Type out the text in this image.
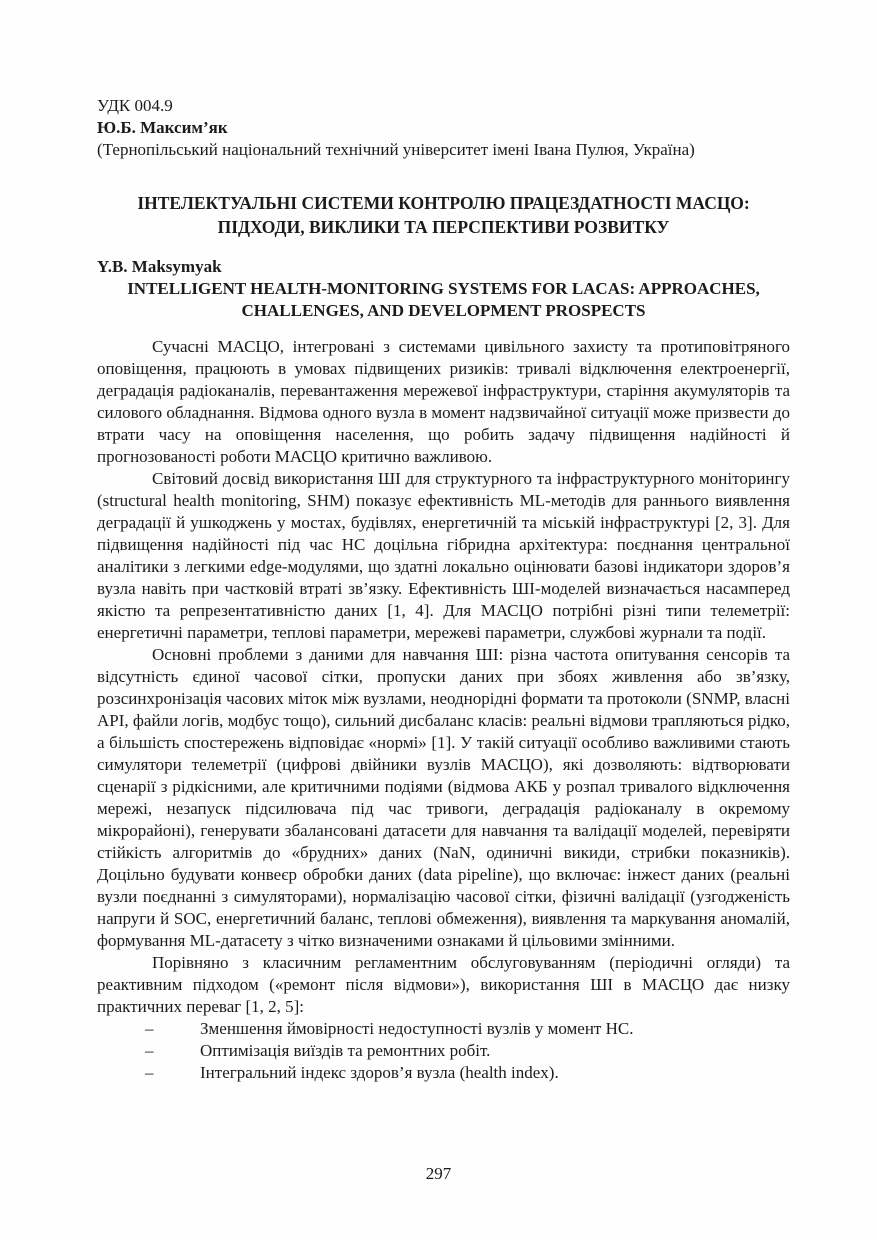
УДК 004.9
Ю.Б. Максим’як
(Тернопільський національний технічний університет імені Івана Пулюя, Україна)
ІНТЕЛЕКТУАЛЬНІ СИСТЕМИ КОНТРОЛЮ ПРАЦЕЗДАТНОСТІ МАСЦО: ПІДХОДИ, ВИКЛИКИ ТА ПЕРСПЕКТИВИ РОЗВИТКУ
Y.B. Maksymyak
INTELLIGENT HEALTH-MONITORING SYSTEMS FOR LACAS: APPROACHES, CHALLENGES, AND DEVELOPMENT PROSPECTS

Сучасні МАСЦО, інтегровані з системами цивільного захисту та протиповітряного оповіщення, працюють в умовах підвищених ризиків: тривалі відключення електроенергії, деградація радіоканалів, перевантаження мережевої інфраструктури, старіння акумуляторів та силового обладнання. Відмова одного вузла в момент надзвичайної ситуації може призвести до втрати часу на оповіщення населення, що робить задачу підвищення надійності й прогнозованості роботи МАСЦО критично важливою.

Світовий досвід використання ШІ для структурного та інфраструктурного моніторингу (structural health monitoring, SHM) показує ефективність ML-методів для раннього виявлення деградації й ушкоджень у мостах, будівлях, енергетичній та міській інфраструктурі [2, 3]. Для підвищення надійності під час НС доцільна гібридна архітектура: поєднання центральної аналітики з легкими edge-модулями, що здатні локально оцінювати базові індикатори здоров’я вузла навіть при частковій втраті зв’язку. Ефективність ШІ-моделей визначається насамперед якістю та репрезентативністю даних [1, 4]. Для МАСЦО потрібні різні типи телеметрії: енергетичні параметри, теплові параметри, мережеві параметри, службові журнали та події.

Основні проблеми з даними для навчання ШІ: різна частота опитування сенсорів та відсутність єдиної часової сітки, пропуски даних при збоях живлення або зв’язку, розсинхронізація часових міток між вузлами, неоднорідні формати та протоколи (SNMP, власні API, файли логів, модбус тощо), сильний дисбаланс класів: реальні відмови трапляються рідко, а більшість спостережень відповідає «нормі» [1]. У такій ситуації особливо важливими стають симулятори телеметрії (цифрові двійники вузлів МАСЦО), які дозволяють: відтворювати сценарії з рідкісними, але критичними подіями (відмова АКБ у розпал тривалого відключення мережі, незапуск підсилювача під час тривоги, деградація радіоканалу в окремому мікрорайоні), генерувати збалансовані датасети для навчання та валідації моделей, перевіряти стійкість алгоритмів до «брудних» даних (NaN, одиничні викиди, стрибки показників). Доцільно будувати конвеєр обробки даних (data pipeline), що включає: інжест даних (реальні вузли поєднанні з симуляторами), нормалізацію часової сітки, фізичні валідації (узгодженість напруги й SOC, енергетичний баланс, теплові обмеження), виявлення та маркування аномалій, формування ML-датасету з чітко визначеними ознаками й цільовими змінними.

Порівняно з класичним регламентним обслуговуванням (періодичні огляди) та реактивним підходом («ремонт після відмови»), використання ШІ в МАСЦО дає низку практичних переваг [1, 2, 5]:

–	Зменшення ймовірності недоступності вузлів у момент НС.
–	Оптимізація виїздів та ремонтних робіт.
–	Інтегральний індекс здоров’я вузла (health index).
297
